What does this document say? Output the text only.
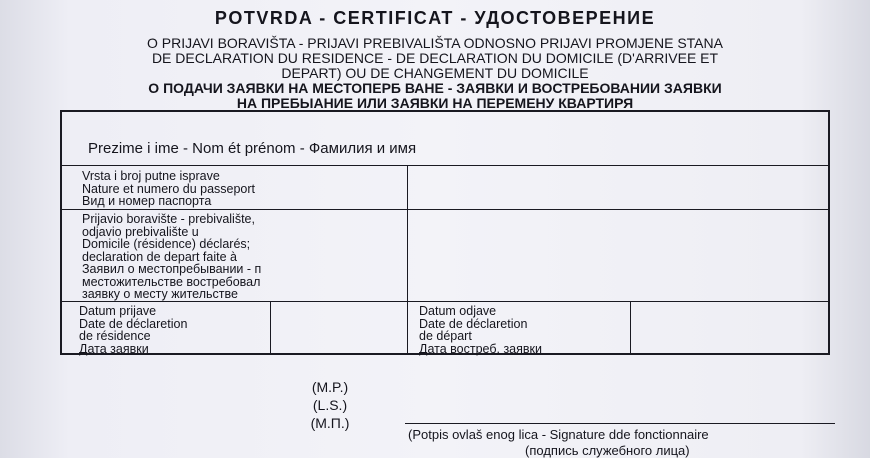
POTVRDA - CERTIFICAT - УДОСТОВЕРЕНИЕ
O PRIJAVI BORAVIŠTA - PRIJAVI PREBIVALIŠTA ODNOSNO PRIJAVI PROMJENE STANA
DE DECLARATION DU RESIDENCE - DE DECLARATION DU DOMICILE (D'ARRIVEE ET
DEPART) OU DE CHANGEMENT DU DOMICILE
О ПОДАЧИ ЗАЯВКИ НА МЕСТОПЕРБ ВАНЕ - ЗАЯВКИ И ВОСТРЕБОВАНИИ ЗАЯВКИ
НА ПРЕБЫАНИЕ ИЛИ ЗАЯВКИ НА ПЕРЕМЕНУ КВАРТИРЯ
Prezime i ime - Nom ét prénom - Фамилия и имя
Vrsta i broj putne isprave
Nature et numero du passeport
Вид и номер паспорта
Prijavio boravište - prebivalište,
odjavio prebivalište u
Domicile (résidence) déclarés;
declaration de depart faite à
Заявил о местопребывании - п
местожительстве востребовал
заявку о месту жительстве
Datum prijave
Date de déclaretion
de résidence
Дата заявки
Datum odjave
Date de déclaretion
de départ
Дата востреб. заявки
(M.P.)
(L.S.)
(М.П.)
(Potpis ovlaš enog lica - Signature dde fonctionnaire
(подпись служебного лица)
